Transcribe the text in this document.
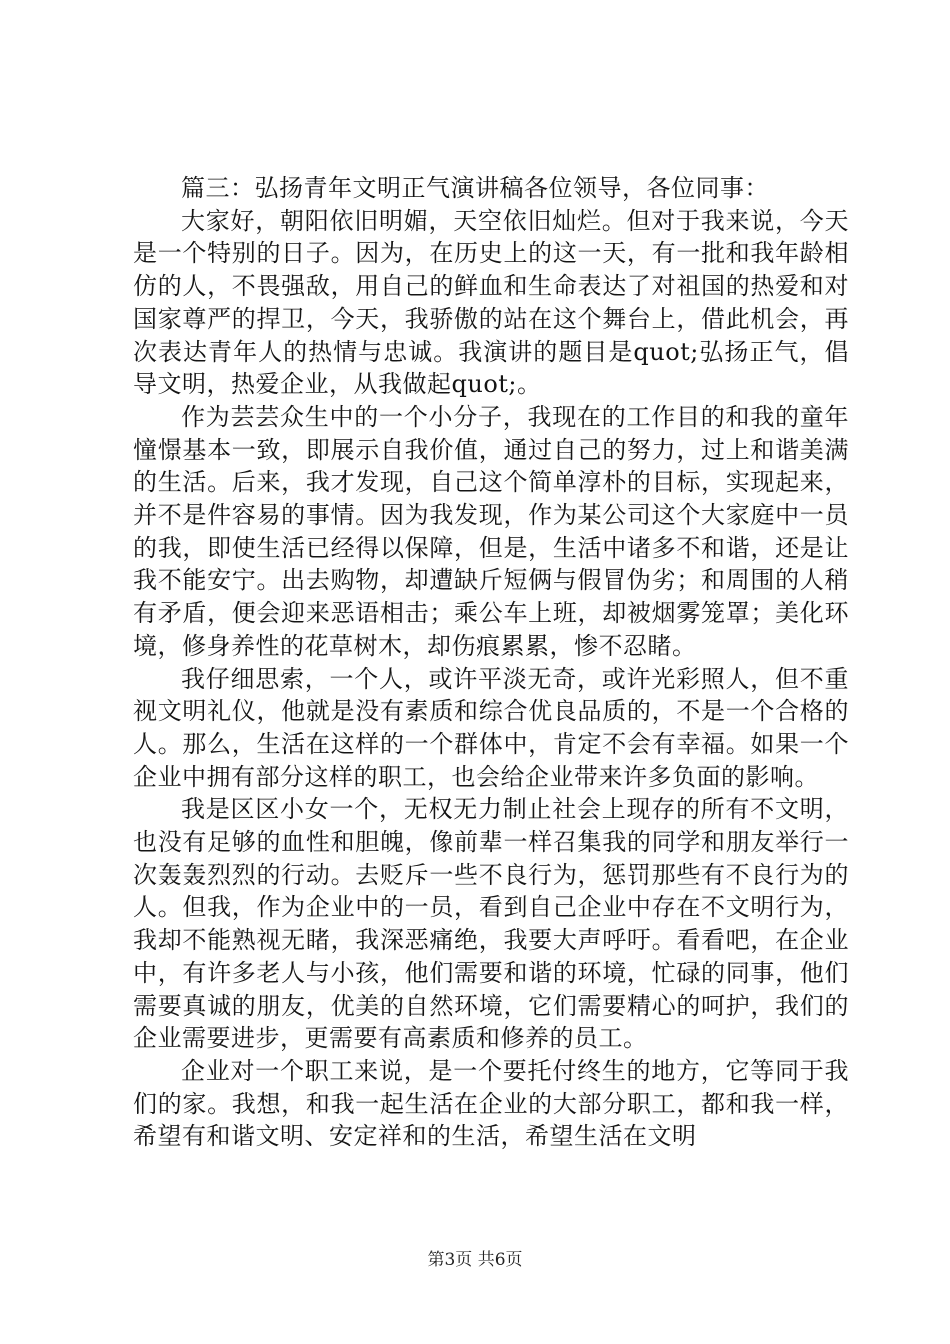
篇三：弘扬青年文明正气演讲稿各位领导，各位同事：

大家好，朝阳依旧明媚，天空依旧灿烂。但对于我来说，今天是一个特别的日子。因为，在历史上的这一天，有一批和我年龄相仿的人，不畏强敌，用自己的鲜血和生命表达了对祖国的热爱和对国家尊严的捍卫，今天，我骄傲的站在这个舞台上，借此机会，再次表达青年人的热情与忠诚。我演讲的题目是quot;弘扬正气，倡导文明，热爱企业，从我做起quot;。

作为芸芸众生中的一个小分子，我现在的工作目的和我的童年憧憬基本一致，即展示自我价值，通过自己的努力，过上和谐美满的生活。后来，我才发现，自己这个简单淳朴的目标，实现起来，并不是件容易的事情。因为我发现，作为某公司这个大家庭中一员的我，即使生活已经得以保障，但是，生活中诸多不和谐，还是让我不能安宁。出去购物，却遭缺斤短俩与假冒伪劣；和周围的人稍有矛盾，便会迎来恶语相击；乘公车上班，却被烟雾笼罩；美化环境，修身养性的花草树木，却伤痕累累，惨不忍睹。

我仔细思索，一个人，或许平淡无奇，或许光彩照人，但不重视文明礼仪，他就是没有素质和综合优良品质的，不是一个合格的人。那么，生活在这样的一个群体中，肯定不会有幸福。如果一个企业中拥有部分这样的职工，也会给企业带来许多负面的影响。

我是区区小女一个，无权无力制止社会上现存的所有不文明，也没有足够的血性和胆魄，像前辈一样召集我的同学和朋友举行一次轰轰烈烈的行动。去贬斥一些不良行为，惩罚那些有不良行为的人。但我，作为企业中的一员，看到自己企业中存在不文明行为，我却不能熟视无睹，我深恶痛绝，我要大声呼吁。看看吧，在企业中，有许多老人与小孩，他们需要和谐的环境，忙碌的同事，他们需要真诚的朋友，优美的自然环境，它们需要精心的呵护，我们的企业需要进步，更需要有高素质和修养的员工。

企业对一个职工来说，是一个要托付终生的地方，它等同于我们的家。我想，和我一起生活在企业的大部分职工，都和我一样，希望有和谐文明、安定祥和的生活，希望生活在文明

第3页 共6页
